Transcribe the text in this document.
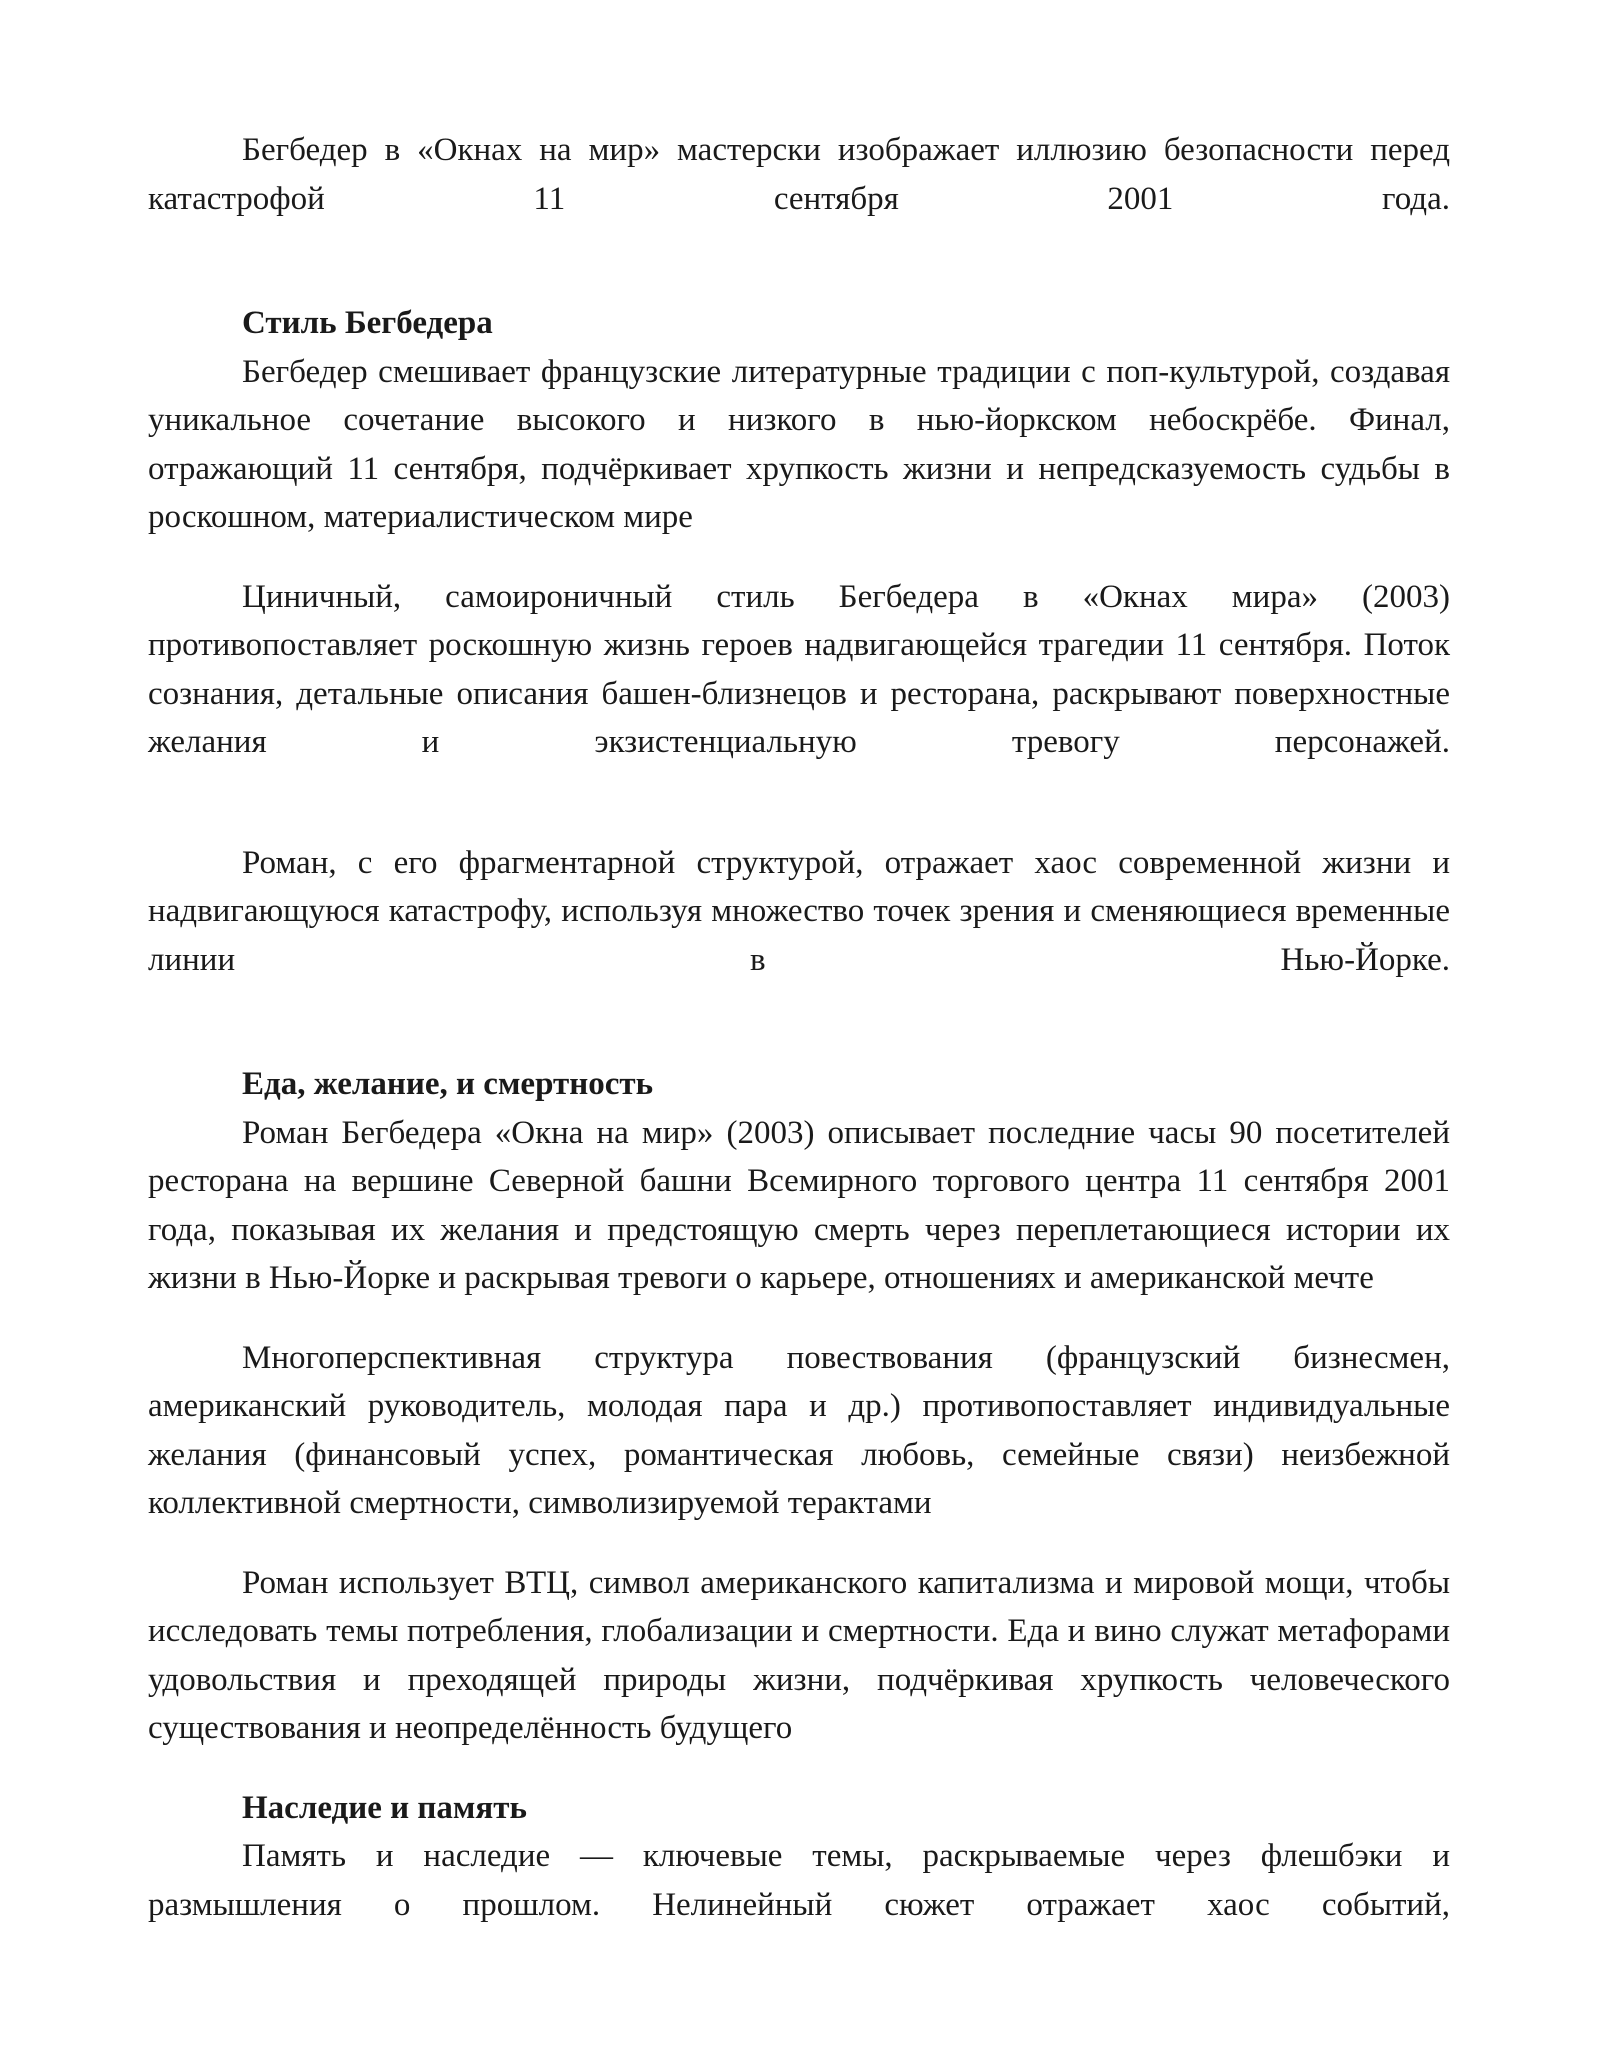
Бегбедер в «Окнах на мир» мастерски изображает иллюзию безопасности перед катастрофой 11 сентября 2001 года.

Стиль Бегбедера

Бегбедер смешивает французские литературные традиции с поп-культурой, создавая уникальное сочетание высокого и низкого в нью-йоркском небоскрёбе. Финал, отражающий 11 сентября, подчёркивает хрупкость жизни и непредсказуемость судьбы в роскошном, материалистическом мире

Циничный, самоироничный стиль Бегбедера в «Окнах мира» (2003) противопоставляет роскошную жизнь героев надвигающейся трагедии 11 сентября. Поток сознания, детальные описания башен-близнецов и ресторана, раскрывают поверхностные желания и экзистенциальную тревогу персонажей.

Роман, с его фрагментарной структурой, отражает хаос современной жизни и надвигающуюся катастрофу, используя множество точек зрения и сменяющиеся временные линии в Нью-Йорке.

Еда, желание, и смертность

Роман Бегбедера «Окна на мир» (2003) описывает последние часы 90 посетителей ресторана на вершине Северной башни Всемирного торгового центра 11 сентября 2001 года, показывая их желания и предстоящую смерть через переплетающиеся истории их жизни в Нью-Йорке и раскрывая тревоги о карьере, отношениях и американской мечте

Многоперспективная структура повествования (французский бизнесмен, американский руководитель, молодая пара и др.) противопоставляет индивидуальные желания (финансовый успех, романтическая любовь, семейные связи) неизбежной коллективной смертности, символизируемой терактами

Роман использует ВТЦ, символ американского капитализма и мировой мощи, чтобы исследовать темы потребления, глобализации и смертности. Еда и вино служат метафорами удовольствия и преходящей природы жизни, подчёркивая хрупкость человеческого существования и неопределённость будущего

Наследие и память

Память и наследие — ключевые темы, раскрываемые через флешбэки и размышления о прошлом. Нелинейный сюжет отражает хаос событий,
